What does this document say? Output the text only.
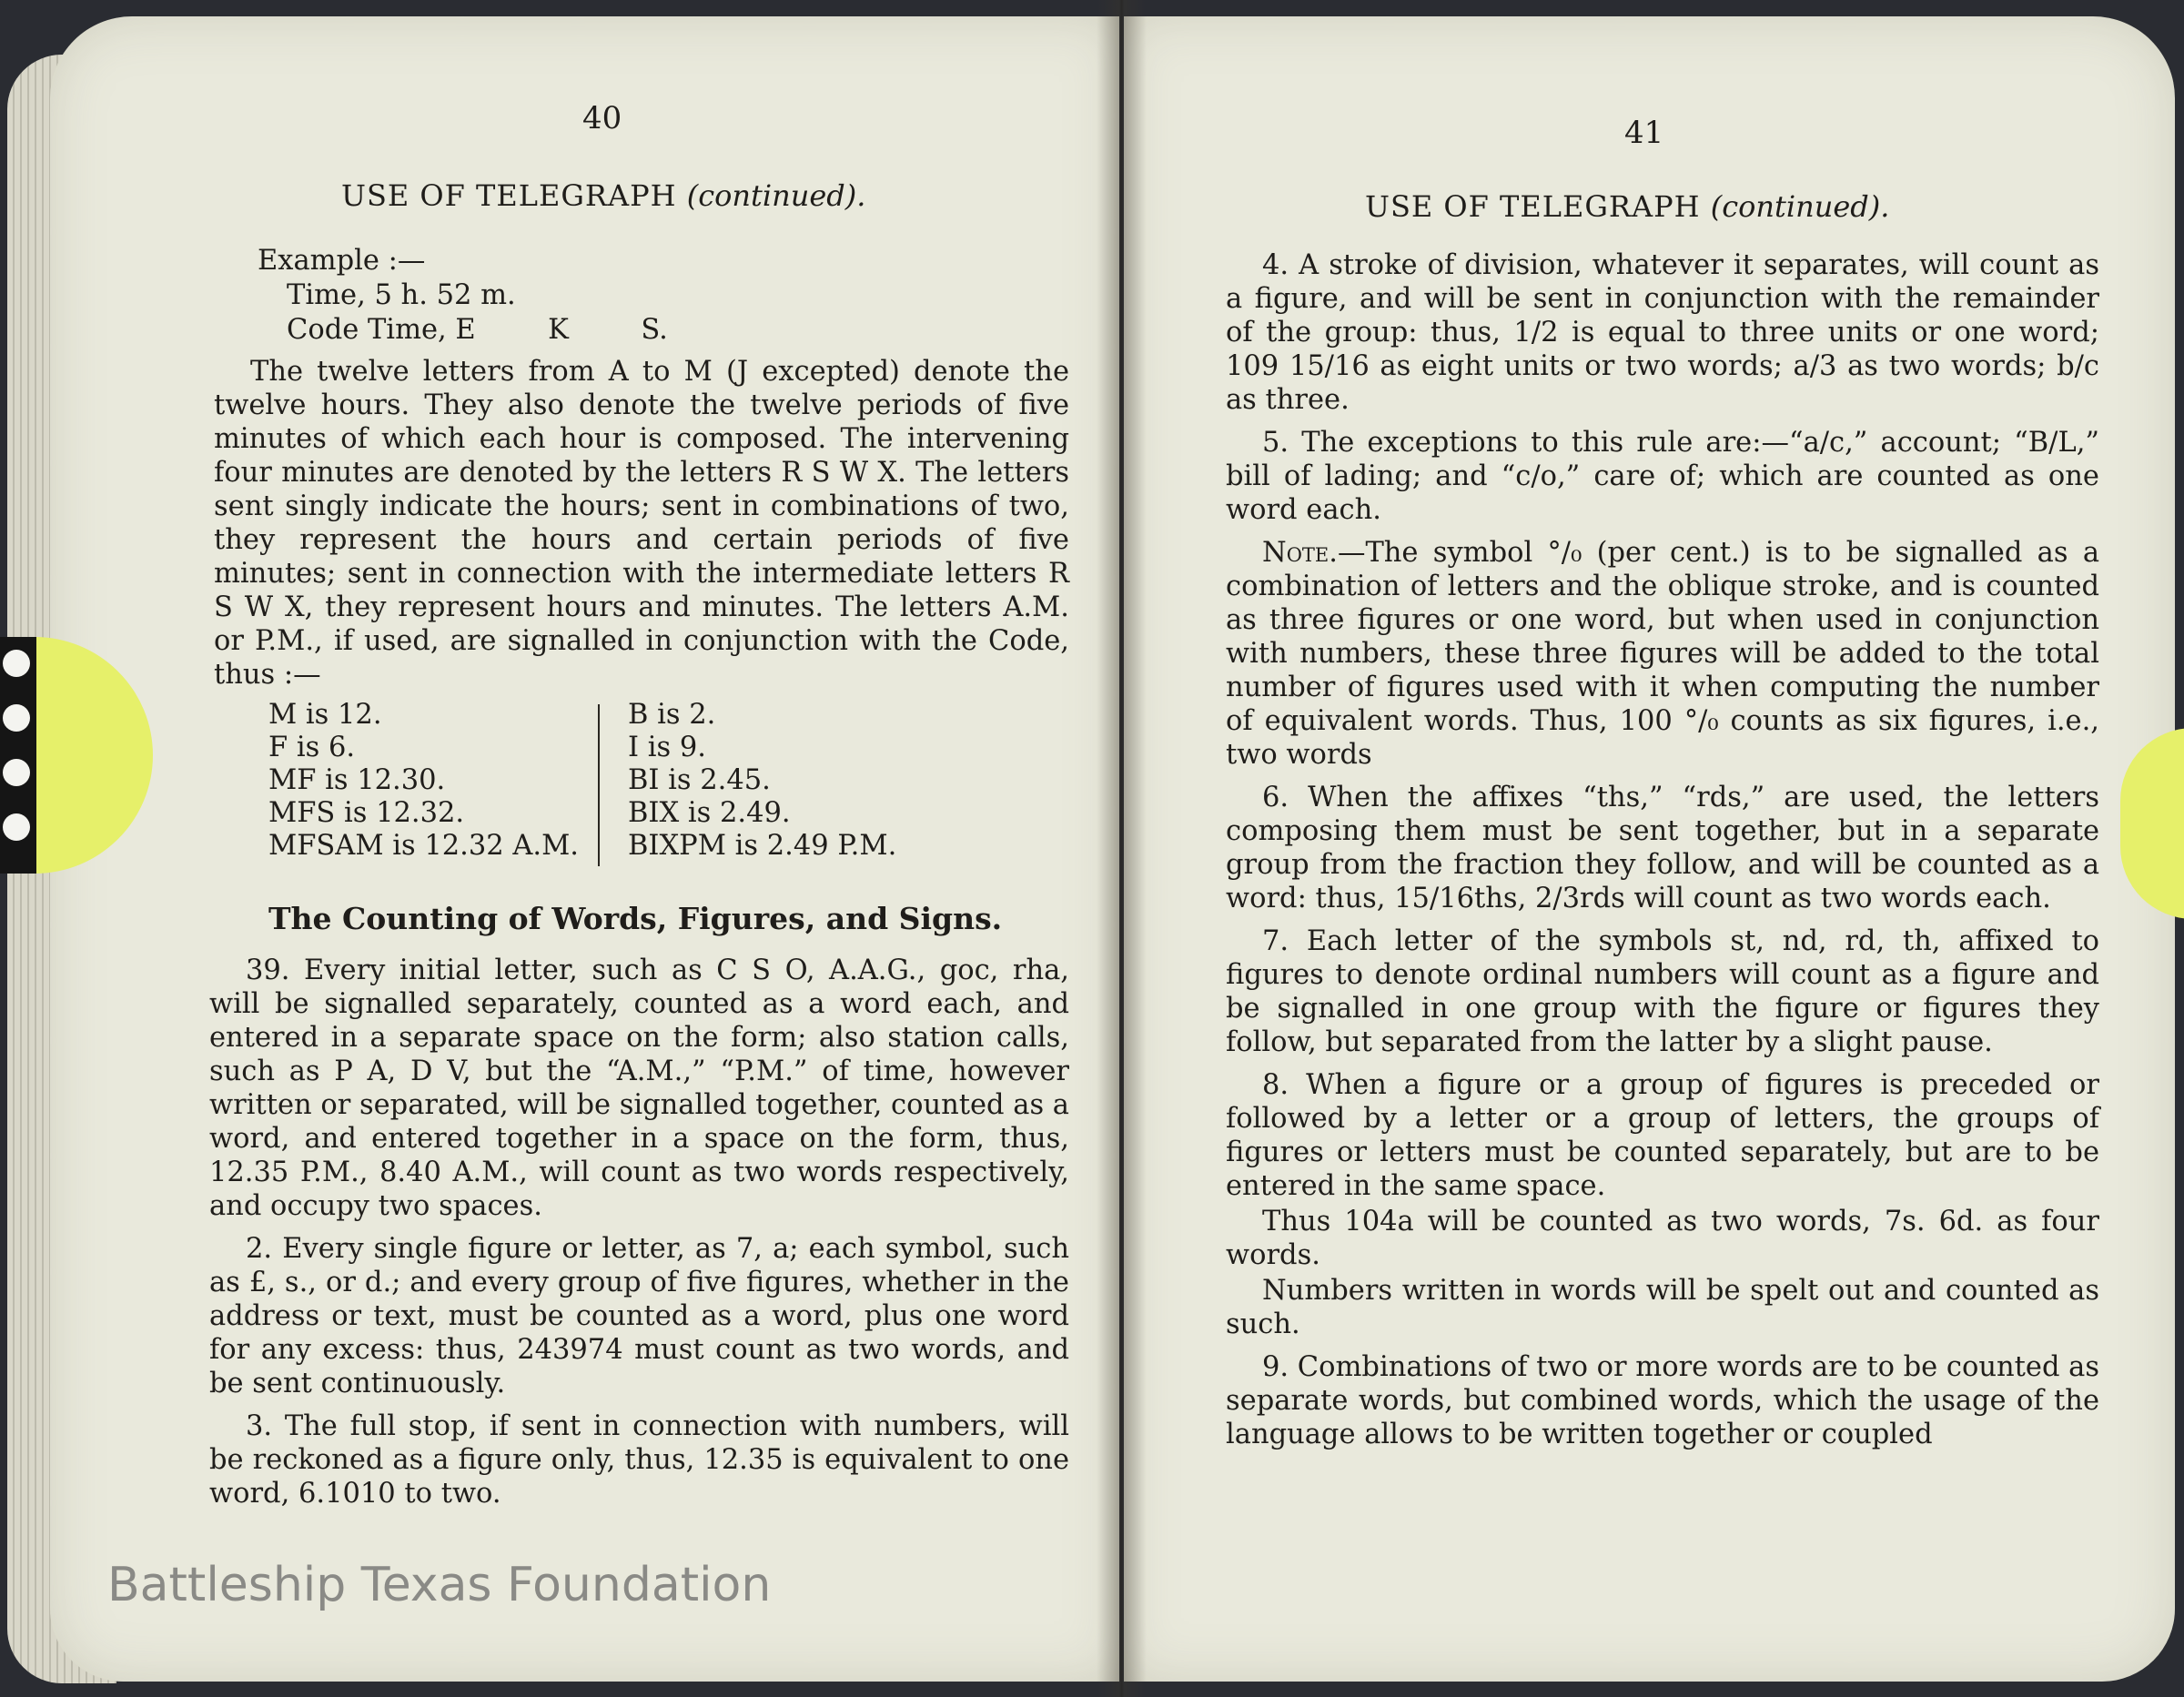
40
USE OF TELEGRAPH (continued).
Example :—
Time, 5 h. 52 m.
Code Time, E	K	S.

The twelve letters from A to M (J excepted) denote the twelve hours. They also denote the twelve periods of five minutes of which each hour is composed. The intervening four minutes are denoted by the letters R S W X. The letters sent singly indicate the hours; sent in combinations of two, they represent the hours and certain periods of five minutes; sent in connection with the intermediate letters R S W X, they represent hours and minutes. The letters A.M. or P.M., if used, are signalled in conjunction with the Code, thus :—

M is 12.
F is 6.
MF is 12.30.
MFS is 12.32.
MFSAM is 12.32 A.M.
B is 2.
I is 9.
BI is 2.45.
BIX is 2.49.
BIXPM is 2.49 P.M.
The Counting of Words, Figures, and Signs.

39. Every initial letter, such as C S O, A.A.G., goc, rha, will be signalled separately, counted as a word each, and entered in a separate space on the form; also station calls, such as P A, D V, but the “A.M.,” “P.M.” of time, however written or separated, will be signalled together, counted as a word, and entered together in a space on the form, thus, 12.35 P.M., 8.40 A.M., will count as two words respectively, and occupy two spaces.

2. Every single figure or letter, as 7, a; each symbol, such as £, s., or d.; and every group of five figures, whether in the address or text, must be counted as a word, plus one word for any excess: thus, 243974 must count as two words, and be sent continuously.

3. The full stop, if sent in connection with numbers, will be reckoned as a figure only, thus, 12.35 is equivalent to one word, 6.1010 to two.

41
USE OF TELEGRAPH (continued).

4. A stroke of division, whatever it separates, will count as a figure, and will be sent in conjunction with the remainder of the group: thus, 1/2 is equal to three units or one word; 109 15/16 as eight units or two words; a/3 as two words; b/c as three.

5. The exceptions to this rule are:—“a/c,” account; “B/L,” bill of lading; and “c/o,” care of; which are counted as one word each.

Note.—The symbol °/₀ (per cent.) is to be signalled as a combination of letters and the oblique stroke, and is counted as three figures or one word, but when used in conjunction with numbers, these three figures will be added to the total number of figures used with it when computing the number of equivalent words. Thus, 100 °/₀ counts as six figures, i.e., two words

6. When the affixes “ths,” “rds,” are used, the letters composing them must be sent together, but in a separate group from the fraction they follow, and will be counted as a word: thus, 15/16ths, 2/3rds will count as two words each.

7. Each letter of the symbols st, nd, rd, th, affixed to figures to denote ordinal numbers will count as a figure and be signalled in one group with the figure or figures they follow, but separated from the latter by a slight pause.

8. When a figure or a group of figures is preceded or followed by a letter or a group of letters, the groups of figures or letters must be counted separately, but are to be entered in the same space.

Thus 104a will be counted as two words, 7s. 6d. as four words.

Numbers written in words will be spelt out and counted as such.

9. Combinations of two or more words are to be counted as separate words, but combined words, which the usage of the language allows to be written together or coupled

Battleship Texas Foundation
